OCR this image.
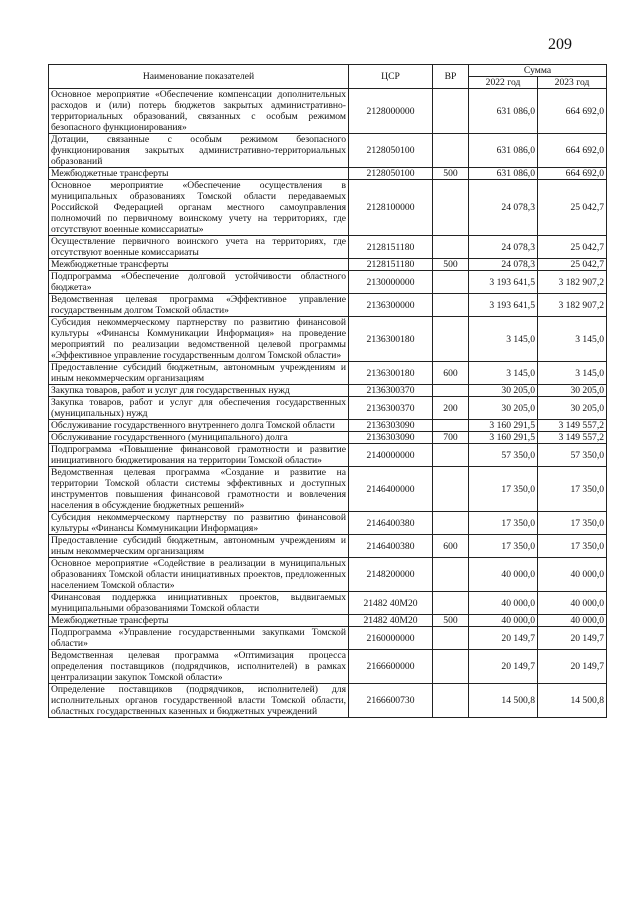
209
Наименование показателей	ЦСР	ВР	Сумма	
			2022 год	2023 год
Основное мероприятие «Обеспечение компенсации дополнительных расходов и (или) потерь бюджетов закрытых административно-территориальных образований, связанных с особым режимом безопасного функционирования»	2128000000		631 086,0	664 692,0
Дотации, связанные с особым режимом безопасного функционирования закрытых административно-территориальных образований	2128050100		631 086,0	664 692,0
Межбюджетные трансферты	2128050100	500	631 086,0	664 692,0
Основное мероприятие «Обеспечение осуществления в муниципальных образованиях Томской области передаваемых Российской Федерацией органам местного самоуправления полномочий по первичному воинскому учету на территориях, где отсутствуют военные комиссариаты»	2128100000		24 078,3	25 042,7
Осуществление первичного воинского учета на территориях, где отсутствуют военные комиссариаты	2128151180		24 078,3	25 042,7
Межбюджетные трансферты	2128151180	500	24 078,3	25 042,7
Подпрограмма «Обеспечение долговой устойчивости областного бюджета»	2130000000		3 193 641,5	3 182 907,2
Ведомственная целевая программа «Эффективное управление государственным долгом Томской области»	2136300000		3 193 641,5	3 182 907,2
Субсидия некоммерческому партнерству по развитию финансовой культуры «Финансы Коммуникации Информация» на проведение мероприятий по реализации ведомственной целевой программы «Эффективное управление государственным долгом Томской области»	2136300180		3 145,0	3 145,0
Предоставление субсидий бюджетным, автономным учреждениям и иным некоммерческим организациям	2136300180	600	3 145,0	3 145,0
Закупка товаров, работ и услуг для государственных нужд	2136300370		30 205,0	30 205,0
Закупка товаров, работ и услуг для обеспечения государственных (муниципальных) нужд	2136300370	200	30 205,0	30 205,0
Обслуживание государственного внутреннего долга Томской области	2136303090		3 160 291,5	3 149 557,2
Обслуживание государственного (муниципального) долга	2136303090	700	3 160 291,5	3 149 557,2
Подпрограмма «Повышение финансовой грамотности и развитие инициативного бюджетирования на территории Томской области»	2140000000		57 350,0	57 350,0
Ведомственная целевая программа «Создание и развитие на территории Томской области системы эффективных и доступных инструментов повышения финансовой грамотности и вовлечения населения в обсуждение бюджетных решений»	2146400000		17 350,0	17 350,0
Субсидия некоммерческому партнерству по развитию финансовой культуры «Финансы Коммуникации Информация»	2146400380		17 350,0	17 350,0
Предоставление субсидий бюджетным, автономным учреждениям и иным некоммерческим организациям	2146400380	600	17 350,0	17 350,0
Основное мероприятие «Содействие в реализации в муниципальных образованиях Томской области инициативных проектов, предложенных населением Томской области»	2148200000		40 000,0	40 000,0
Финансовая поддержка инициативных проектов, выдвигаемых муниципальными образованиями Томской области	21482 40М20		40 000,0	40 000,0
Межбюджетные трансферты	21482 40М20	500	40 000,0	40 000,0
Подпрограмма «Управление государственными закупками Томской области»	2160000000		20 149,7	20 149,7
Ведомственная целевая программа «Оптимизация процесса определения поставщиков (подрядчиков, исполнителей) в рамках централизации закупок Томской области»	2166600000		20 149,7	20 149,7
Определение поставщиков (подрядчиков, исполнителей) для исполнительных органов государственной власти Томской области, областных государственных казенных и бюджетных учреждений	2166600730		14 500,8	14 500,8
